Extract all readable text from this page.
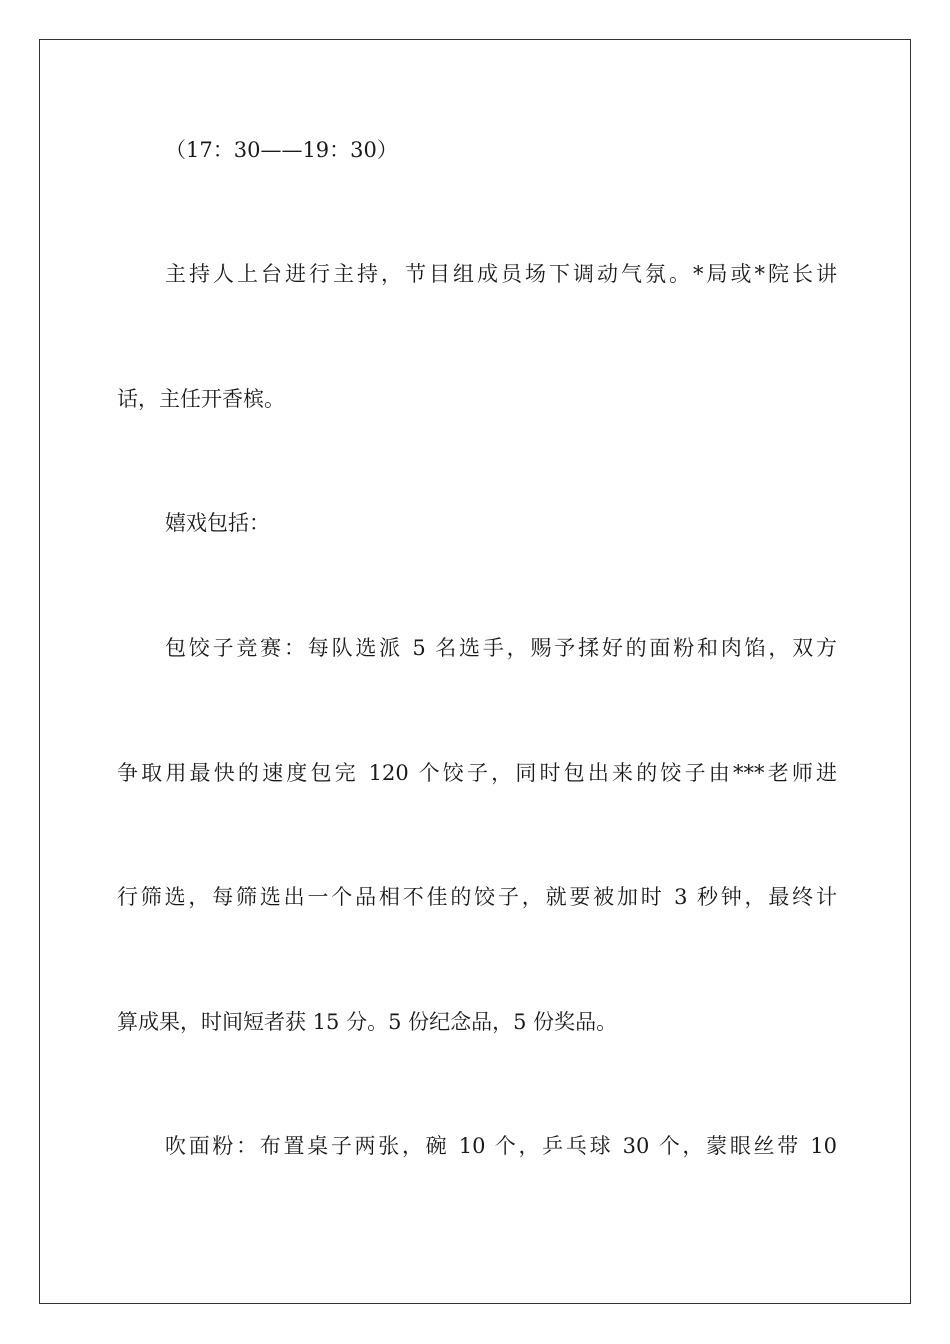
（17：30——19：30）
主持人上台进行主持，节目组成员场下调动气氛。*局或*院长讲
话，主任开香槟。
嬉戏包括：
包饺子竞赛：每队选派 5 名选手，赐予揉好的面粉和肉馅，双方
争取用最快的速度包完 120 个饺子，同时包出来的饺子由***老师进
行筛选，每筛选出一个品相不佳的饺子，就要被加时 3 秒钟，最终计
算成果，时间短者获 15 分。5 份纪念品，5 份奖品。
吹面粉：布置桌子两张，碗 10 个，乒乓球 30 个，蒙眼丝带 10
